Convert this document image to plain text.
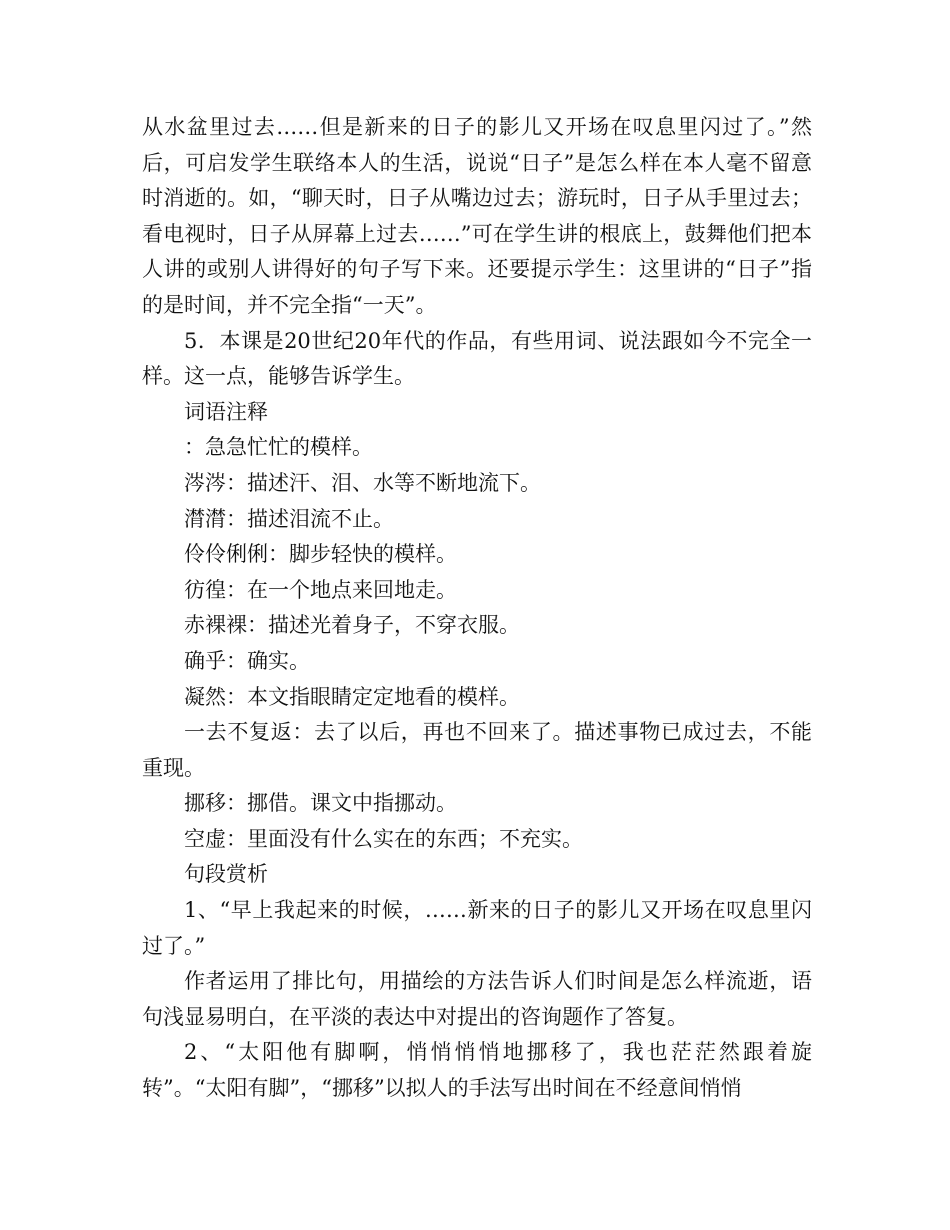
从水盆里过去……但是新来的日子的影儿又开场在叹息里闪过了。”然后，可启发学生联络本人的生活，说说“日子”是怎么样在本人毫不留意时消逝的。如，“聊天时，日子从嘴边过去；游玩时，日子从手里过去；看电视时，日子从屏幕上过去……”可在学生讲的根底上，鼓舞他们把本人讲的或别人讲得好的句子写下来。还要提示学生：这里讲的“日子”指的是时间，并不完全指“一天”。

5．本课是20世纪20年代的作品，有些用词、说法跟如今不完全一样。这一点，能够告诉学生。

词语注释

：急急忙忙的模样。

涔涔：描述汗、泪、水等不断地流下。

潸潸：描述泪流不止。

伶伶俐俐：脚步轻快的模样。

彷徨：在一个地点来回地走。

赤裸裸：描述光着身子，不穿衣服。

确乎：确实。

凝然：本文指眼睛定定地看的模样。

一去不复返：去了以后，再也不回来了。描述事物已成过去，不能重现。

挪移：挪借。课文中指挪动。

空虚：里面没有什么实在的东西；不充实。

句段赏析

1、“早上我起来的时候，……新来的日子的影儿又开场在叹息里闪过了。”

作者运用了排比句，用描绘的方法告诉人们时间是怎么样流逝，语句浅显易明白，在平淡的表达中对提出的咨询题作了答复。

2、“太阳他有脚啊，悄悄悄悄地挪移了，我也茫茫然跟着旋转”。“太阳有脚”，“挪移”以拟人的手法写出时间在不经意间悄悄
